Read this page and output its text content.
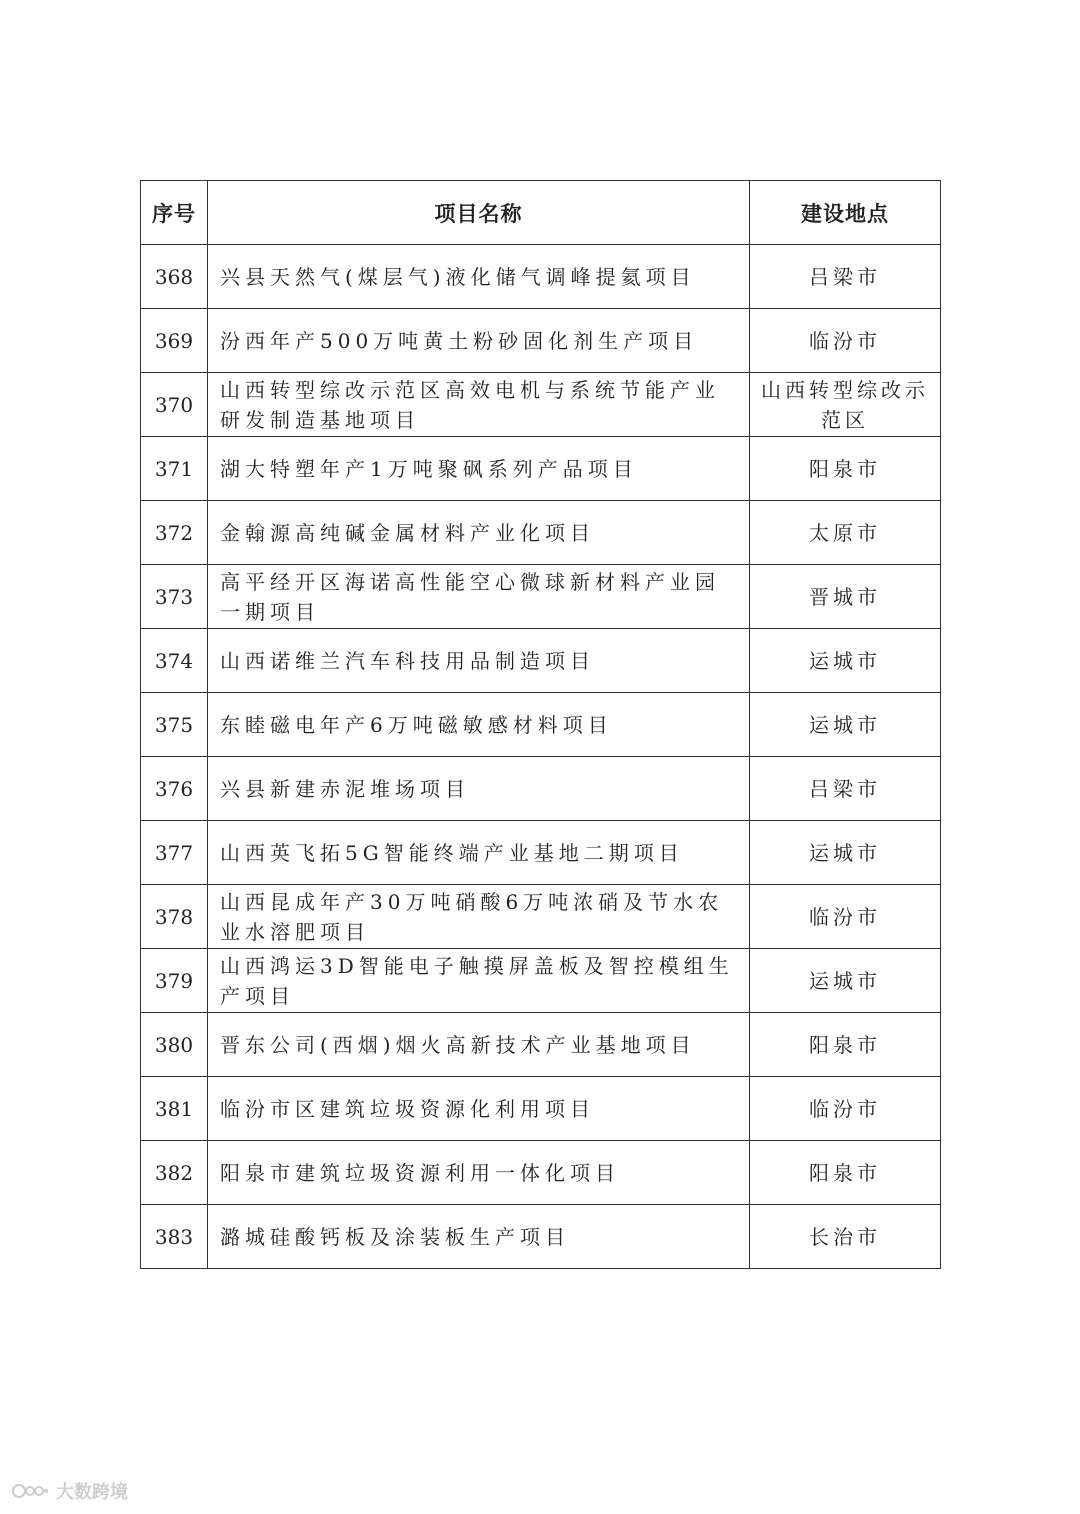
序号	项目名称	建设地点
368	兴县天然气(煤层气)液化储气调峰提氦项目	吕梁市
369	汾西年产500万吨黄土粉砂固化剂生产项目	临汾市
370	山西转型综改示范区高效电机与系统节能产业研发制造基地项目	山西转型综改示范区
371	湖大特塑年产1万吨聚砜系列产品项目	阳泉市
372	金翰源高纯碱金属材料产业化项目	太原市
373	高平经开区海诺高性能空心微球新材料产业园一期项目	晋城市
374	山西诺维兰汽车科技用品制造项目	运城市
375	东睦磁电年产6万吨磁敏感材料项目	运城市
376	兴县新建赤泥堆场项目	吕梁市
377	山西英飞拓5G智能终端产业基地二期项目	运城市
378	山西昆成年产30万吨硝酸6万吨浓硝及节水农业水溶肥项目	临汾市
379	山西鸿运3D智能电子触摸屏盖板及智控模组生产项目	运城市
380	晋东公司(西烟)烟火高新技术产业基地项目	阳泉市
381	临汾市区建筑垃圾资源化利用项目	临汾市
382	阳泉市建筑垃圾资源利用一体化项目	阳泉市
383	潞城硅酸钙板及涂装板生产项目	长治市
大数跨境
